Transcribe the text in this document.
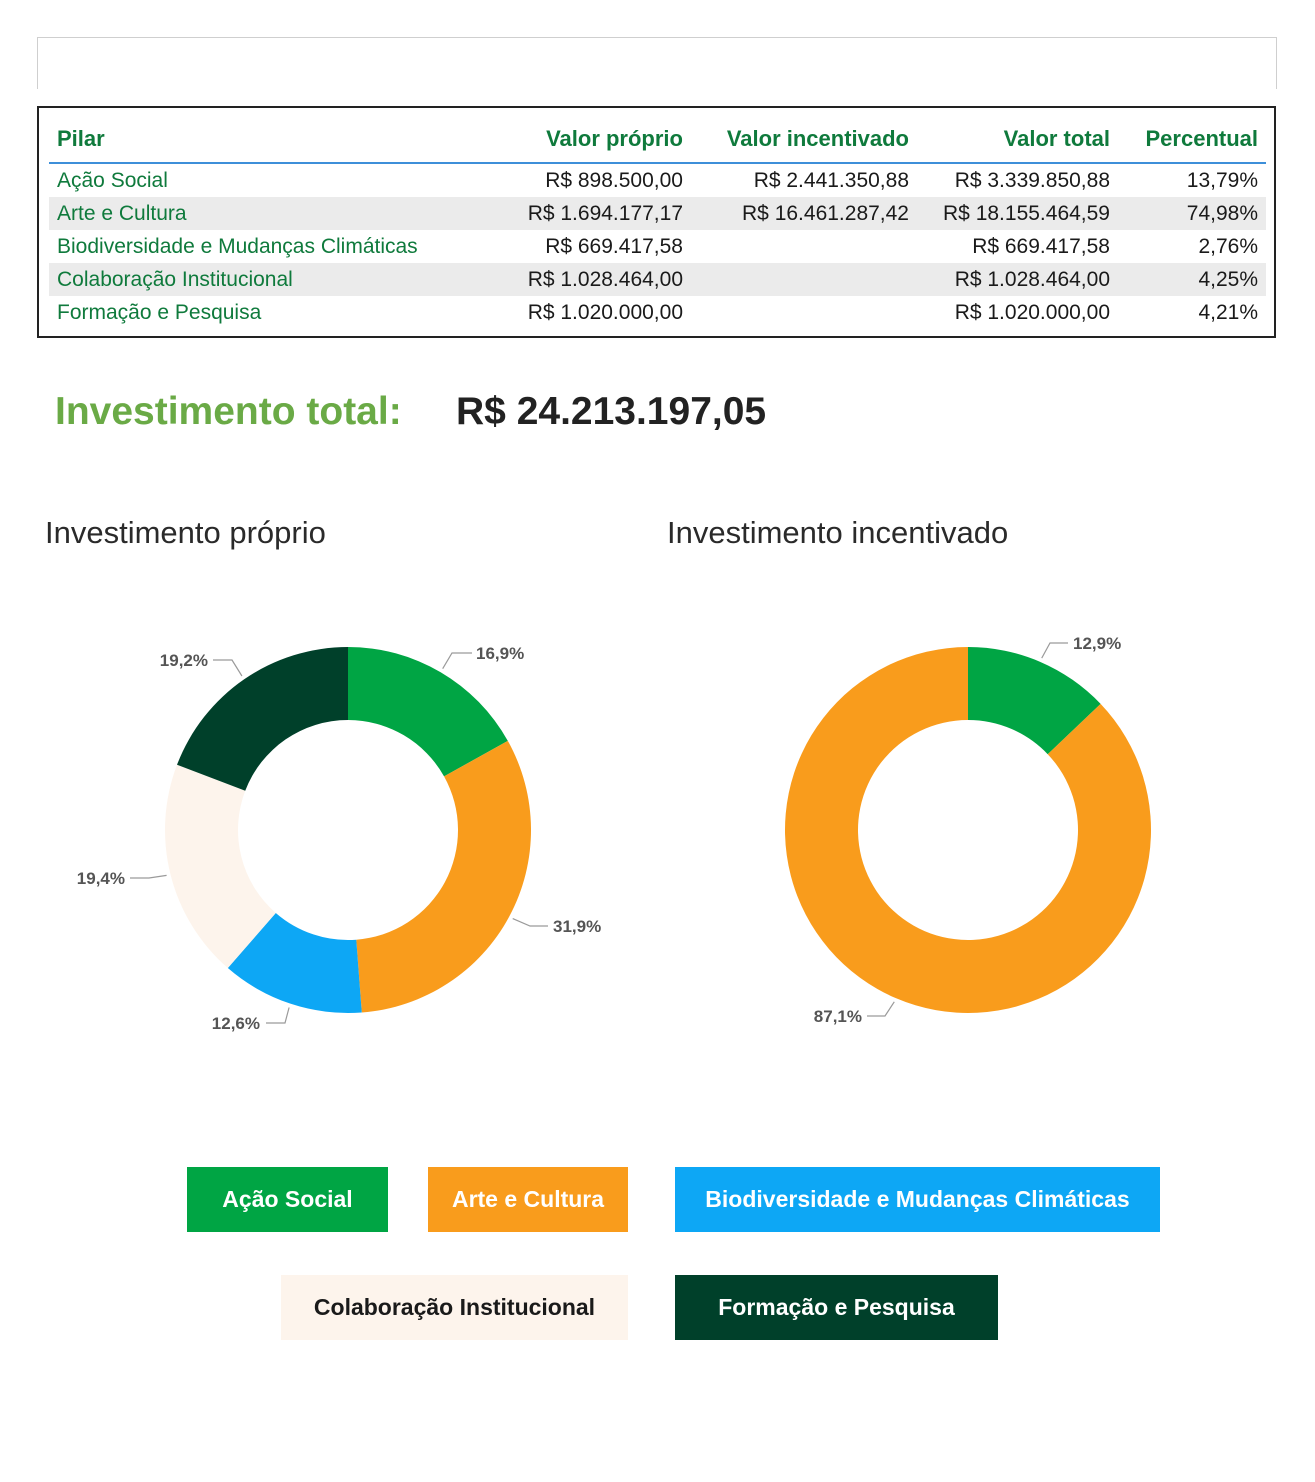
Pilar	Valor próprio	Valor incentivado	Valor total	Percentual
Ação Social	R$ 898.500,00	R$ 2.441.350,88	R$ 3.339.850,88	13,79%
Arte e Cultura	R$ 1.694.177,17	R$ 16.461.287,42	R$ 18.155.464,59	74,98%
Biodiversidade e Mudanças Climáticas	R$ 669.417,58		R$ 669.417,58	2,76%
Colaboração Institucional	R$ 1.028.464,00		R$ 1.028.464,00	4,25%
Formação e Pesquisa	R$ 1.020.000,00		R$ 1.020.000,00	4,21%
Investimento total: R$ 24.213.197,05
Investimento próprio	Investimento incentivado
16,9%
31,9%
12,6%
19,4%
19,2%
12,9%
87,1%
Ação Social	Arte e Cultura	Biodiversidade e Mudanças Climáticas
Colaboração Institucional	Formação e Pesquisa
